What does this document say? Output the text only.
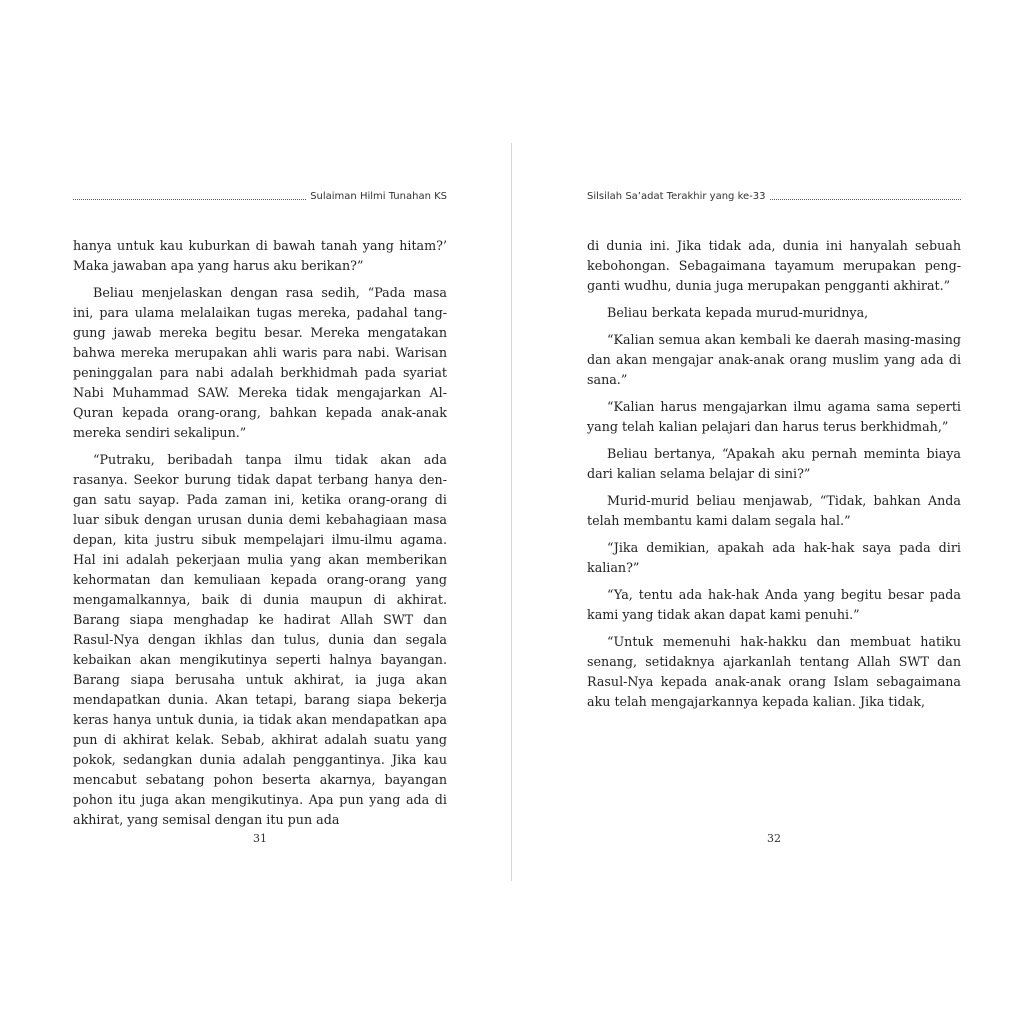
Sulaiman Hilmi Tunahan KS

hanya untuk kau kuburkan di bawah tanah yang hitam?’ Maka jawaban apa yang harus aku berikan?”

Beliau menjelaskan dengan rasa sedih, “Pada masa ini, para ulama melalaikan tugas mereka, padahal tanggung jawab mereka begitu besar. Mereka mengatakan bahwa mereka merupakan ahli waris para nabi. Warisan peninggalan para nabi adalah berkhidmah pada syariat Nabi Muhammad SAW. Mereka tidak mengajarkan Al-Quran kepada orang-orang, bahkan kepada anak-anak mereka sendiri sekalipun.”

“Putraku, beribadah tanpa ilmu tidak akan ada rasanya. Seekor burung tidak dapat terbang hanya dengan satu sayap. Pada zaman ini, ketika orang-orang di luar sibuk dengan urusan dunia demi kebahagiaan masa depan, kita justru sibuk mempelajari ilmu-ilmu agama. Hal ini adalah pekerjaan mulia yang akan memberikan kehormatan dan kemuliaan kepada orang-orang yang mengamalkannya, baik di dunia maupun di akhirat. Barang siapa menghadap ke hadirat Allah SWT dan Rasul-Nya dengan ikhlas dan tulus, dunia dan segala kebaikan akan mengikutinya seperti halnya bayangan. Barang siapa berusaha untuk akhirat, ia juga akan mendapatkan dunia. Akan tetapi, barang siapa bekerja keras hanya untuk dunia, ia tidak akan mendapatkan apa pun di akhirat kelak. Sebab, akhirat adalah suatu yang pokok, sedangkan dunia adalah penggantinya. Jika kau mencabut sebatang pohon beserta akarnya, bayangan pohon itu juga akan mengikutinya. Apa pun yang ada di akhirat, yang semisal dengan itu pun ada

31
Silsilah Sa’adat Terakhir yang ke-33

di dunia ini. Jika tidak ada, dunia ini hanyalah sebuah kebohongan. Sebagaimana tayamum merupakan pengganti wudhu, dunia juga merupakan pengganti akhirat.”

Beliau berkata kepada murud-muridnya,

“Kalian semua akan kembali ke daerah masing-masing dan akan mengajar anak-anak orang muslim yang ada di sana.”

“Kalian harus mengajarkan ilmu agama sama seperti yang telah kalian pelajari dan harus terus berkhidmah,”

Beliau bertanya, “Apakah aku pernah meminta biaya dari kalian selama belajar di sini?”

Murid-murid beliau menjawab, “Tidak, bahkan Anda telah membantu kami dalam segala hal.”

“Jika demikian, apakah ada hak-hak saya pada diri kalian?”

“Ya, tentu ada hak-hak Anda yang begitu besar pada kami yang tidak akan dapat kami penuhi.”

“Untuk memenuhi hak-hakku dan membuat hatiku senang, setidaknya ajarkanlah tentang Allah SWT dan Rasul-Nya kepada anak-anak orang Islam sebagaimana aku telah mengajarkannya kepada kalian. Jika tidak,

32
